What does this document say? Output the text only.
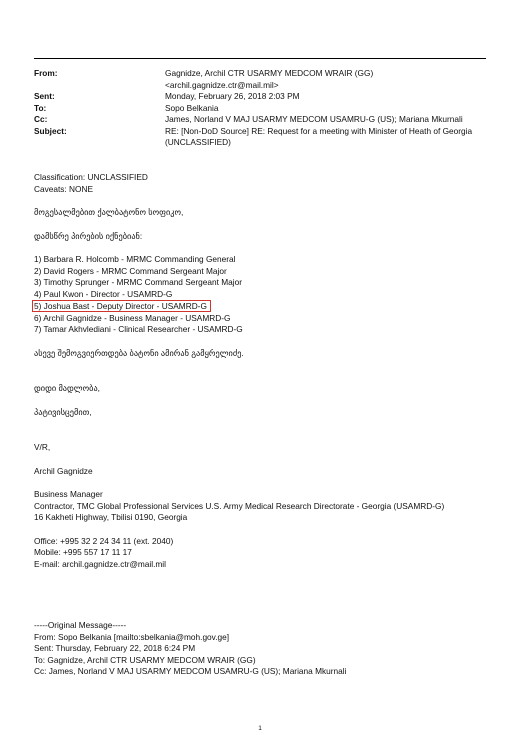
From:	Gagnidze, Archil CTR USARMY MEDCOM WRAIR (GG)
<archil.gagnidze.ctr@mail.mil>
Sent:	Monday, February 26, 2018 2:03 PM
To:	Sopo Belkania
Cc:	James, Norland V MAJ USARMY MEDCOM USAMRU-G (US); Mariana Mkurnali
Subject:	RE: [Non-DoD Source] RE: Request for a meeting with Minister of Heath of Georgia
(UNCLASSIFIED)
Classification: UNCLASSIFIED
Caveats: NONE
მოგესალმებით ქალბატონო სოფიკო,
დამსწრე პირების იქნებიან:
1) Barbara R. Holcomb - MRMC Commanding General
2) David Rogers - MRMC Command Sergeant Major
3) Timothy Sprunger - MRMC Command Sergeant Major
4) Paul Kwon - Director - USAMRD-G
5) Joshua Bast - Deputy Director - USAMRD-G
6) Archil Gagnidze - Business Manager - USAMRD-G
7) Tamar Akhvlediani - Clinical Researcher - USAMRD-G
ასევე შემოგვიერთდება ბატონი ამირან გამყრელიძე.
დიდი მადლობა,
პატივისცემით,
V/R,
Archil Gagnidze
Business Manager
Contractor, TMC Global Professional Services U.S. Army Medical Research Directorate - Georgia (USAMRD-G)
16 Kakheti Highway, Tbilisi 0190, Georgia
Office: +995 32 2 24 34 11 (ext. 2040)
Mobile: +995 557 17 11 17
E-mail: archil.gagnidze.ctr@mail.mil
-----Original Message-----
From: Sopo Belkania [mailto:sbelkania@moh.gov.ge]
Sent: Thursday, February 22, 2018 6:24 PM
To: Gagnidze, Archil CTR USARMY MEDCOM WRAIR (GG)
Cc: James, Norland V MAJ USARMY MEDCOM USAMRU-G (US); Mariana Mkurnali
1
